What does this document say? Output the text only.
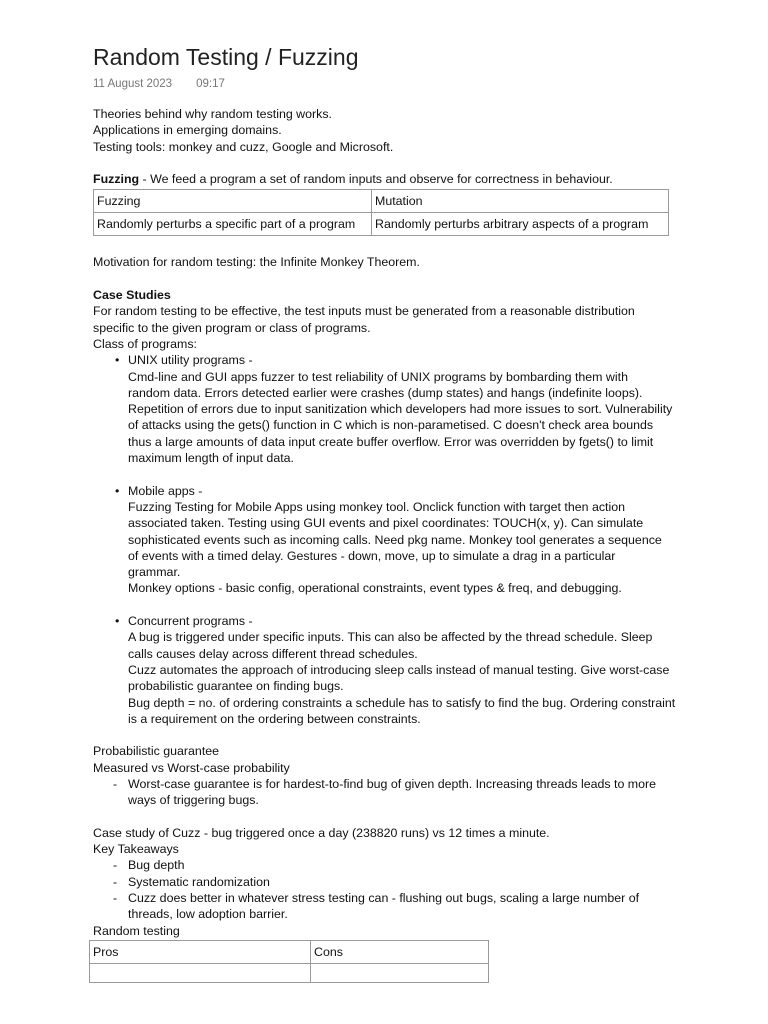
Random Testing / Fuzzing
11 August 2023 09:17

Theories behind why random testing works.

Applications in emerging domains.

Testing tools: monkey and cuzz, Google and Microsoft.

Fuzzing - We feed a program a set of random inputs and observe for correctness in behaviour.

Fuzzing	Mutation
Randomly perturbs a specific part of a program	Randomly perturbs arbitrary aspects of a program

Motivation for random testing: the Infinite Monkey Theorem.

Case Studies

For random testing to be effective, the test inputs must be generated from a reasonable distribution specific to the given program or class of programs.

Class of programs:

• UNIX utility programs -
Cmd-line and GUI apps fuzzer to test reliability of UNIX programs by bombarding them with random data. Errors detected earlier were crashes (dump states) and hangs (indefinite loops). Repetition of errors due to input sanitization which developers had more issues to sort. Vulnerability of attacks using the gets() function in C which is non-parametised. C doesn't check area bounds thus a large amounts of data input create buffer overflow. Error was overridden by fgets() to limit maximum length of input data.
• Mobile apps -
Fuzzing Testing for Mobile Apps using monkey tool. Onclick function with target then action associated taken. Testing using GUI events and pixel coordinates: TOUCH(x, y). Can simulate sophisticated events such as incoming calls. Need pkg name. Monkey tool generates a sequence of events with a timed delay. Gestures - down, move, up to simulate a drag in a particular grammar.
Monkey options - basic config, operational constraints, event types & freq, and debugging.
• Concurrent programs -
A bug is triggered under specific inputs. This can also be affected by the thread schedule. Sleep calls causes delay across different thread schedules.
Cuzz automates the approach of introducing sleep calls instead of manual testing. Give worst-case probabilistic guarantee on finding bugs.
Bug depth = no. of ordering constraints a schedule has to satisfy to find the bug. Ordering constraint is a requirement on the ordering between constraints.

Probabilistic guarantee

Measured vs Worst-case probability

- Worst-case guarantee is for hardest-to-find bug of given depth. Increasing threads leads to more ways of triggering bugs.

Case study of Cuzz - bug triggered once a day (238820 runs) vs 12 times a minute.

Key Takeaways

- Bug depth
- Systematic randomization
- Cuzz does better in whatever stress testing can - flushing out bugs, scaling a large number of threads, low adoption barrier.

Random testing

Pros	Cons
